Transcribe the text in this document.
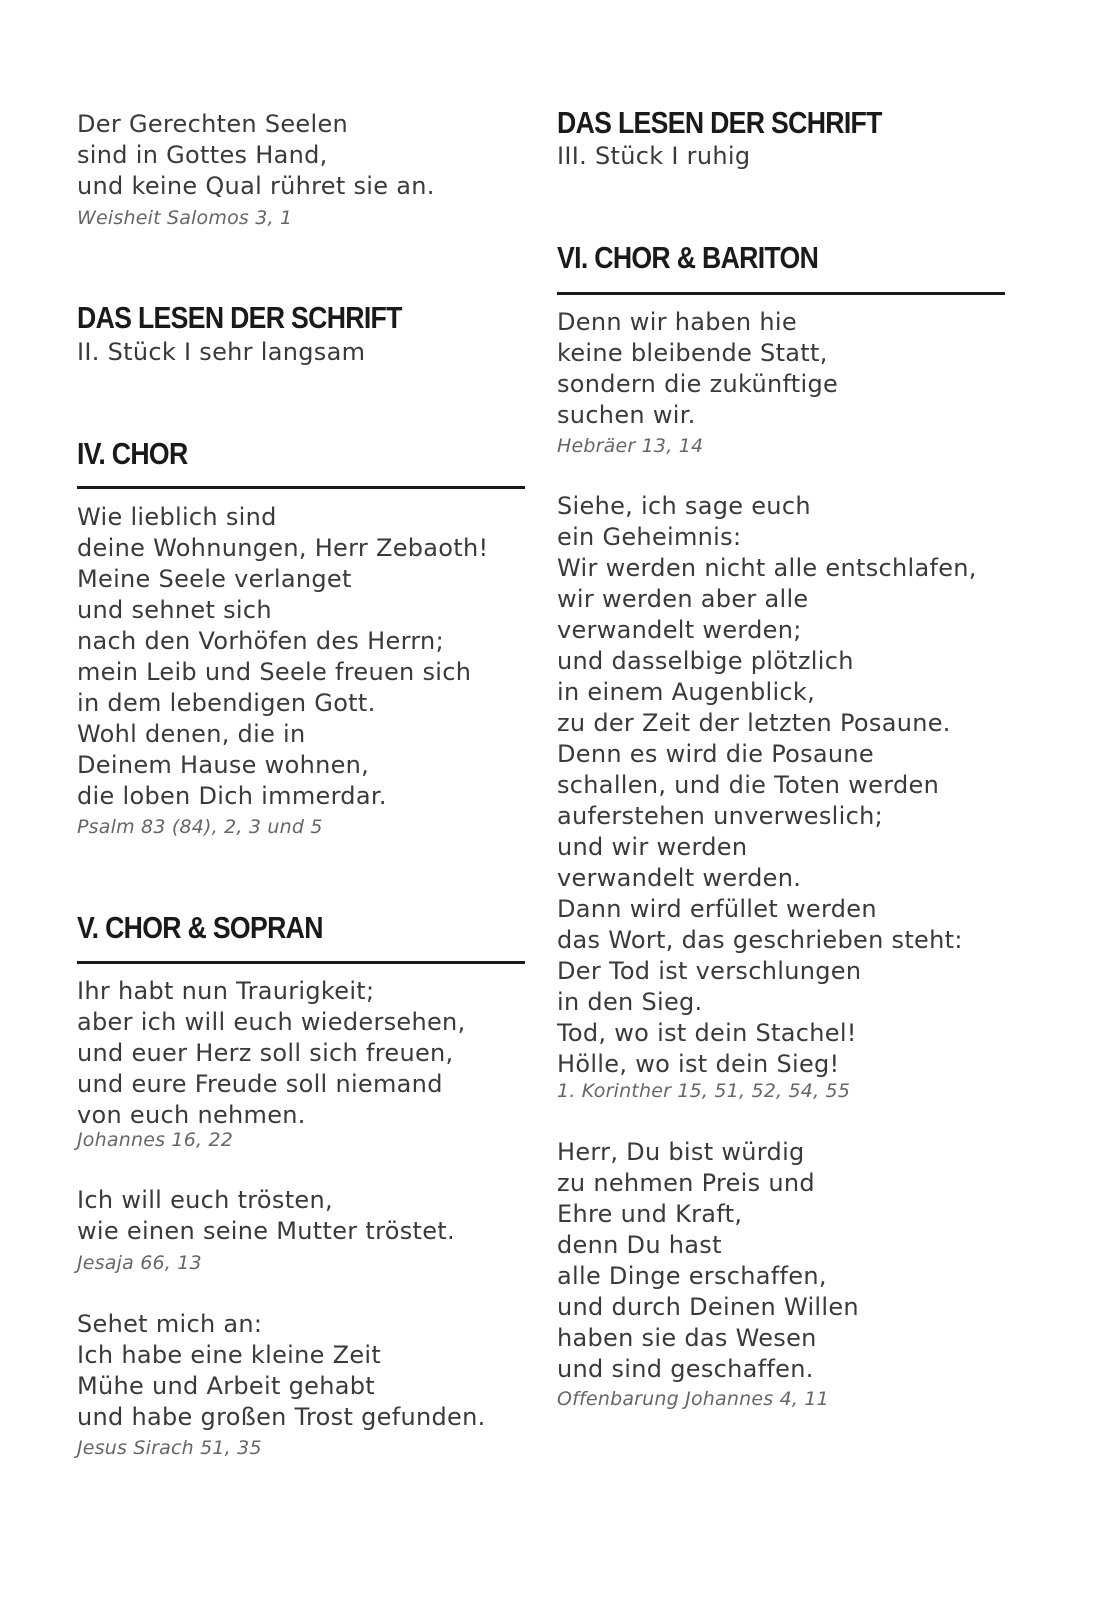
Der Gerechten Seelen
sind in Gottes Hand,
und keine Qual rühret sie an.
Weisheit Salomos 3, 1
DAS LESEN DER SCHRIFT
II. Stück I sehr langsam
IV. CHOR
Wie lieblich sind
deine Wohnungen, Herr Zebaoth!
Meine Seele verlanget
und sehnet sich
nach den Vorhöfen des Herrn;
mein Leib und Seele freuen sich
in dem lebendigen Gott.
Wohl denen, die in
Deinem Hause wohnen,
die loben Dich immerdar.
Psalm 83 (84), 2, 3 und 5
V. CHOR & SOPRAN
Ihr habt nun Traurigkeit;
aber ich will euch wiedersehen,
und euer Herz soll sich freuen,
und eure Freude soll niemand
von euch nehmen.
Johannes 16, 22
Ich will euch trösten,
wie einen seine Mutter tröstet.
Jesaja 66, 13
Sehet mich an:
Ich habe eine kleine Zeit
Mühe und Arbeit gehabt
und habe großen Trost gefunden.
Jesus Sirach 51, 35
DAS LESEN DER SCHRIFT
III. Stück I ruhig
VI. CHOR & BARITON
Denn wir haben hie
keine bleibende Statt,
sondern die zukünftige
suchen wir.
Hebräer 13, 14
Siehe, ich sage euch
ein Geheimnis:
Wir werden nicht alle entschlafen,
wir werden aber alle
verwandelt werden;
und dasselbige plötzlich
in einem Augenblick,
zu der Zeit der letzten Posaune.
Denn es wird die Posaune
schallen, und die Toten werden
auferstehen unverweslich;
und wir werden
verwandelt werden.
Dann wird erfüllet werden
das Wort, das geschrieben steht:
Der Tod ist verschlungen
in den Sieg.
Tod, wo ist dein Stachel!
Hölle, wo ist dein Sieg!
1. Korinther 15, 51, 52, 54, 55
Herr, Du bist würdig
zu nehmen Preis und
Ehre und Kraft,
denn Du hast
alle Dinge erschaffen,
und durch Deinen Willen
haben sie das Wesen
und sind geschaffen.
Offenbarung Johannes 4, 11
